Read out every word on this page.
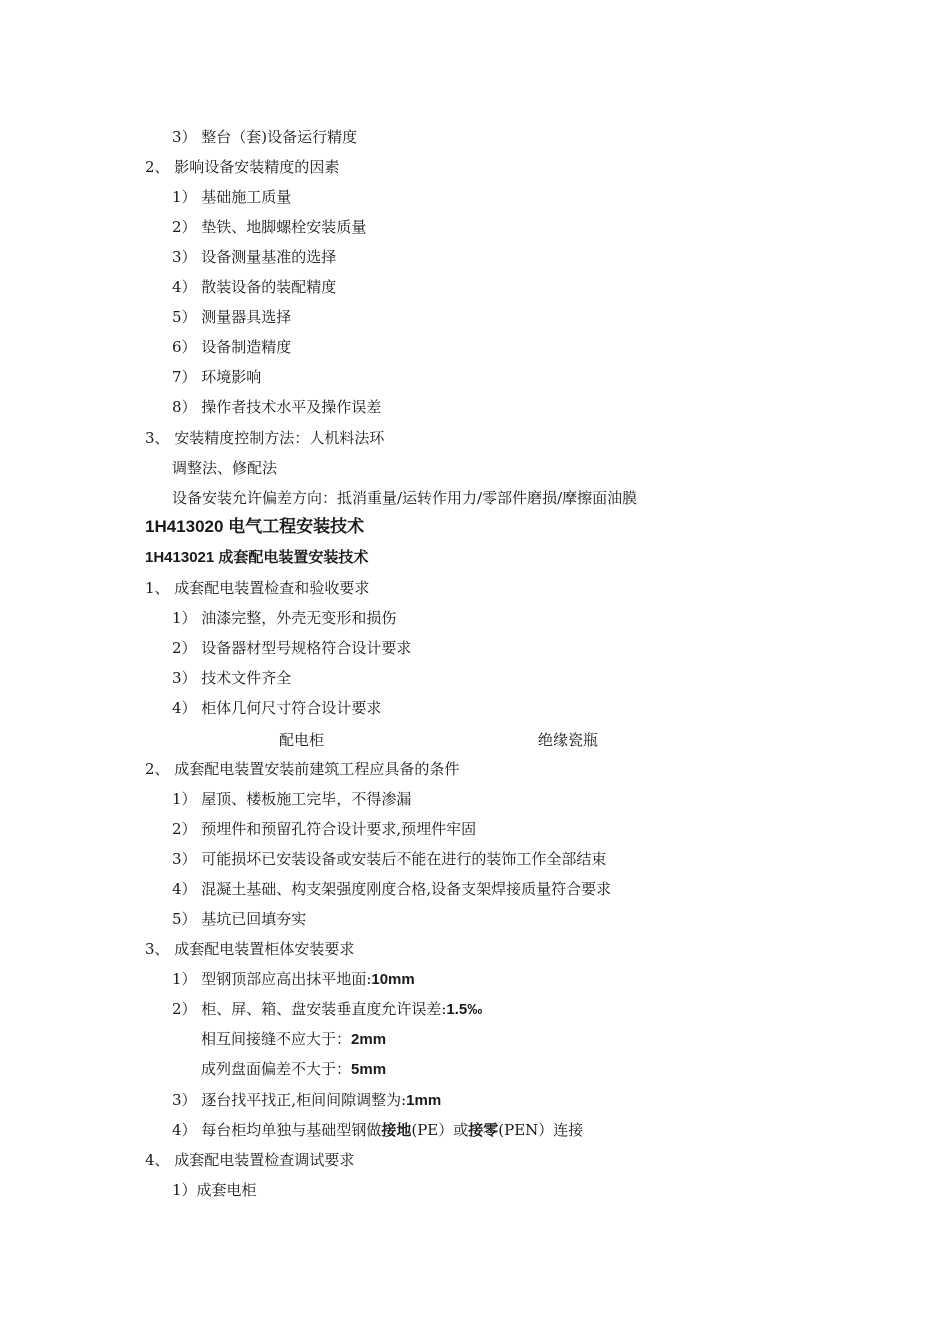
3） 整台（套)设备运行精度
2、 影响设备安装精度的因素
1） 基础施工质量
2） 垫铁、地脚螺栓安装质量
3） 设备测量基准的选择
4） 散装设备的装配精度
5） 测量器具选择
6） 设备制造精度
7） 环境影响
8） 操作者技术水平及操作误差
3、 安装精度控制方法：人机料法环
调整法、修配法
设备安装允许偏差方向：抵消重量/运转作用力/零部件磨损/摩擦面油膜
1H413020 电气工程安装技术
1H413021 成套配电装置安装技术
1、 成套配电装置检查和验收要求
1） 油漆完整，外壳无变形和损伤
2） 设备器材型号规格符合设计要求
3） 技术文件齐全
4） 柜体几何尺寸符合设计要求
配电柜	绝缘瓷瓶
2、 成套配电装置安装前建筑工程应具备的条件
1） 屋顶、楼板施工完毕，不得渗漏
2） 预埋件和预留孔符合设计要求,预埋件牢固
3） 可能损坏已安装设备或安装后不能在进行的装饰工作全部结束
4） 混凝土基础、构支架强度刚度合格,设备支架焊接质量符合要求
5） 基坑已回填夯实
3、 成套配电装置柜体安装要求
1） 型钢顶部应高出抹平地面:10mm
2） 柜、屏、箱、盘安装垂直度允许误差:1.5‰
相互间接缝不应大于：2mm
成列盘面偏差不大于：5mm
3） 逐台找平找正,柜间间隙调整为:1mm
4） 每台柜均单独与基础型钢做接地(PE）或接零(PEN）连接
4、 成套配电装置检查调试要求
1）成套电柜
